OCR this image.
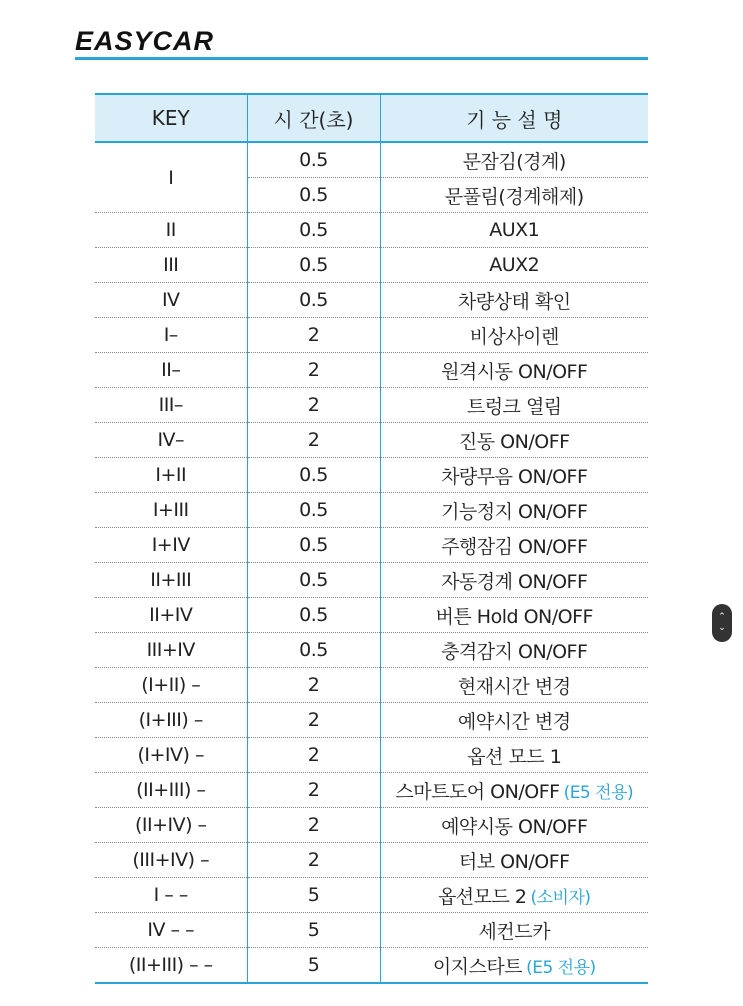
EASYCAR
KEY	시 간(초)	기 능 설 명
I	0.5	문잠김(경계)
	0.5	문풀림(경계해제)
II	0.5	AUX1
III	0.5	AUX2
IV	0.5	차량상태 확인
I–	2	비상사이렌
II–	2	원격시동 ON/OFF
III–	2	트렁크 열림
IV–	2	진동 ON/OFF
I+II	0.5	차량무음 ON/OFF
I+III	0.5	기능정지 ON/OFF
I+IV	0.5	주행잠김 ON/OFF
II+III	0.5	자동경계 ON/OFF
II+IV	0.5	버튼 Hold ON/OFF
III+IV	0.5	충격감지 ON/OFF
(I+II) –	2	현재시간 변경
(I+III) –	2	예약시간 변경
(I+IV) –	2	옵션 모드 1
(II+III) –	2	스마트도어 ON/OFF (E5 전용)
(II+IV) –	2	예약시동 ON/OFF
(III+IV) –	2	터보 ON/OFF
I – –	5	옵션모드 2 (소비자)
IV – –	5	세컨드카
(II+III) – –	5	이지스타트 (E5 전용)
⌃
⌄
